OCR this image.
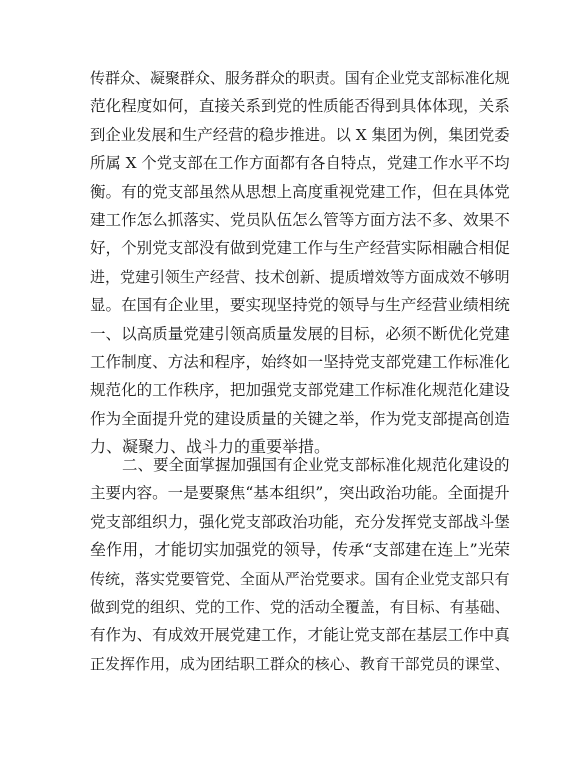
传群众、凝聚群众、服务群众的职责。国有企业党支部标准化规
范化程度如何，直接关系到党的性质能否得到具体体现，关系
到企业发展和生产经营的稳步推进。以 X 集团为例，集团党委
所属 X 个党支部在工作方面都有各自特点，党建工作水平不均
衡。有的党支部虽然从思想上高度重视党建工作，但在具体党
建工作怎么抓落实、党员队伍怎么管等方面方法不多、效果不
好，个别党支部没有做到党建工作与生产经营实际相融合相促
进，党建引领生产经营、技术创新、提质增效等方面成效不够明
显。在国有企业里，要实现坚持党的领导与生产经营业绩相统
一、以高质量党建引领高质量发展的目标，必须不断优化党建
工作制度、方法和程序，始终如一坚持党支部党建工作标准化
规范化的工作秩序，把加强党支部党建工作标准化规范化建设
作为全面提升党的建设质量的关键之举，作为党支部提高创造
力、凝聚力、战斗力的重要举措。
二、要全面掌握加强国有企业党支部标准化规范化建设的
主要内容。一是要聚焦“基本组织”，突出政治功能。全面提升
党支部组织力，强化党支部政治功能，充分发挥党支部战斗堡
垒作用，才能切实加强党的领导，传承“支部建在连上”光荣
传统，落实党要管党、全面从严治党要求。国有企业党支部只有
做到党的组织、党的工作、党的活动全覆盖，有目标、有基础、
有作为、有成效开展党建工作，才能让党支部在基层工作中真
正发挥作用，成为团结职工群众的核心、教育干部党员的课堂、
